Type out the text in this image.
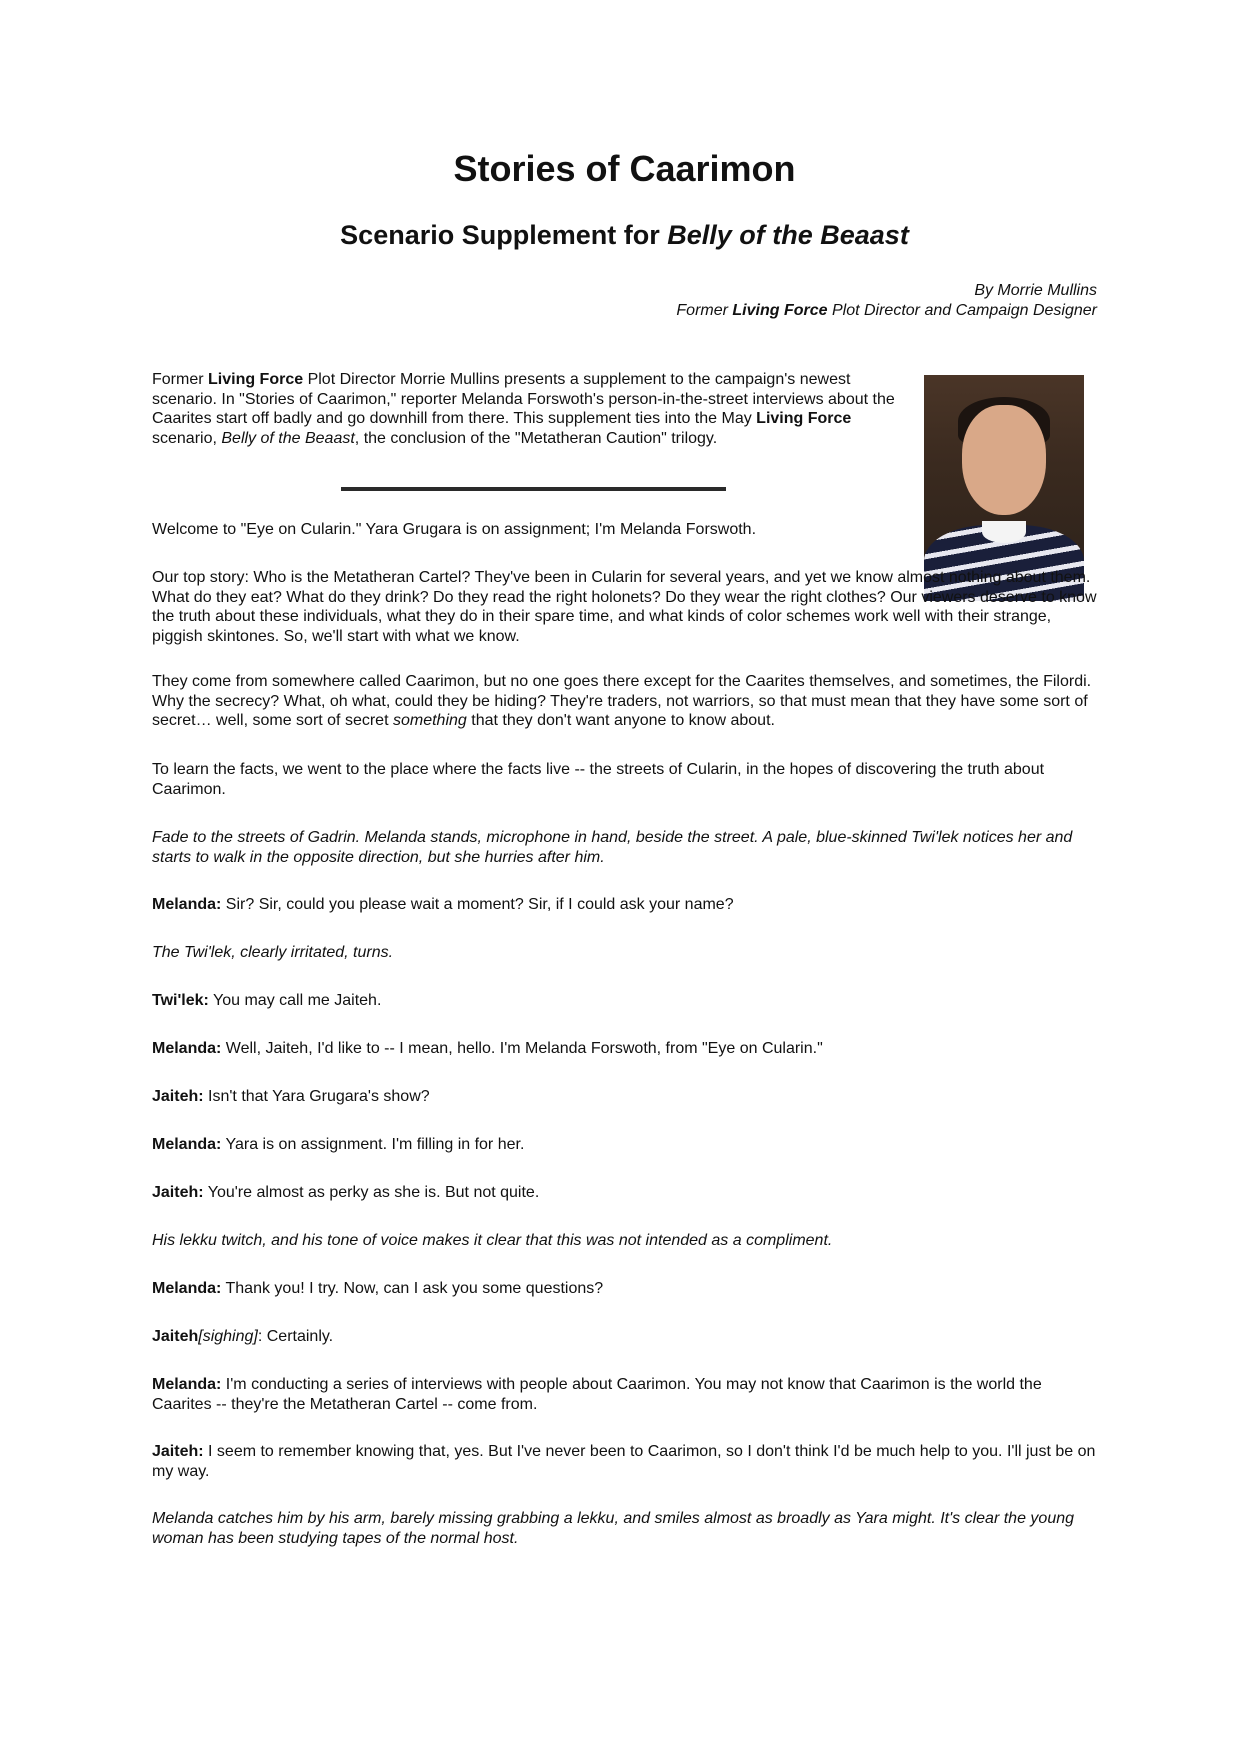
Stories of Caarimon
Scenario Supplement for Belly of the Beaast
By Morrie Mullins
Former Living Force Plot Director and Campaign Designer

Former Living Force Plot Director Morrie Mullins presents a supplement to the campaign's newest scenario. In "Stories of Caarimon," reporter Melanda Forswoth's person-in-the-street interviews about the Caarites start off badly and go downhill from there. This supplement ties into the May Living Force scenario, Belly of the Beaast, the conclusion of the "Metatheran Caution" trilogy.

Welcome to "Eye on Cularin." Yara Grugara is on assignment; I'm Melanda Forswoth.

Our top story: Who is the Metatheran Cartel? They've been in Cularin for several years, and yet we know almost nothing about them. What do they eat? What do they drink? Do they read the right holonets? Do they wear the right clothes? Our viewers deserve to know the truth about these individuals, what they do in their spare time, and what kinds of color schemes work well with their strange, piggish skintones. So, we'll start with what we know.

They come from somewhere called Caarimon, but no one goes there except for the Caarites themselves, and sometimes, the Filordi. Why the secrecy? What, oh what, could they be hiding? They're traders, not warriors, so that must mean that they have some sort of secret… well, some sort of secret something that they don't want anyone to know about.

To learn the facts, we went to the place where the facts live -- the streets of Cularin, in the hopes of discovering the truth about Caarimon.

Fade to the streets of Gadrin. Melanda stands, microphone in hand, beside the street. A pale, blue-skinned Twi'lek notices her and starts to walk in the opposite direction, but she hurries after him.

Melanda: Sir? Sir, could you please wait a moment? Sir, if I could ask your name?

The Twi'lek, clearly irritated, turns.

Twi'lek: You may call me Jaiteh.

Melanda: Well, Jaiteh, I'd like to -- I mean, hello. I'm Melanda Forswoth, from "Eye on Cularin."

Jaiteh: Isn't that Yara Grugara's show?

Melanda: Yara is on assignment. I'm filling in for her.

Jaiteh: You're almost as perky as she is. But not quite.

His lekku twitch, and his tone of voice makes it clear that this was not intended as a compliment.

Melanda: Thank you! I try. Now, can I ask you some questions?

Jaiteh[sighing]: Certainly.

Melanda: I'm conducting a series of interviews with people about Caarimon. You may not know that Caarimon is the world the Caarites -- they're the Metatheran Cartel -- come from.

Jaiteh: I seem to remember knowing that, yes. But I've never been to Caarimon, so I don't think I'd be much help to you. I'll just be on my way.

Melanda catches him by his arm, barely missing grabbing a lekku, and smiles almost as broadly as Yara might. It's clear the young woman has been studying tapes of the normal host.
